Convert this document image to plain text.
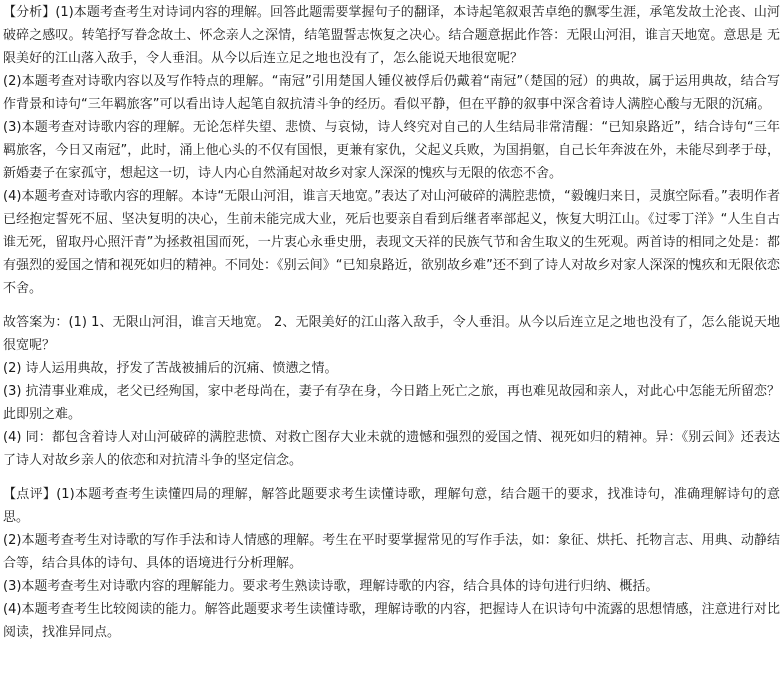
【分析】(1)本题考查考生对诗词内容的理解。回答此题需要掌握句子的翻译，本诗起笔叙艰苦卓绝的飘零生涯，承笔发故土沦丧、山河破碎之感叹。转笔抒写眷念故土、怀念亲人之深情，结笔盟誓志恢复之决心。结合题意据此作答：无限山河泪，谁言天地宽。意思是 无限美好的江山落入敌手，令人垂泪。从今以后连立足之地也没有了，怎么能说天地很宽呢？

(2)本题考查对诗歌内容以及写作特点的理解。“南冠”引用楚国人锺仪被俘后仍戴着“南冠”（楚国的冠）的典故，属于运用典故，结合写作背景和诗句“三年羁旅客”可以看出诗人起笔自叙抗清斗争的经历。看似平静，但在平静的叙事中深含着诗人满腔心酸与无限的沉痛。

(3)本题考查对诗歌内容的理解。无论怎样失望、悲愤、与哀恸，诗人终究对自己的人生结局非常清醒：“已知泉路近”，结合诗句“三年羁旅客，今日又南冠”，此时，涌上他心头的不仅有国恨，更兼有家仇，父起义兵败，为国捐躯，自己长年奔波在外，未能尽到孝于母，新婚妻子在家孤守，想起这一切，诗人内心自然涌起对故乡对家人深深的愧疚与无限的依恋不舍。

(4)本题考查对诗歌内容的理解。本诗“无限山河泪，谁言天地宽。”表达了对山河破碎的满腔悲愤，“毅魄归来日，灵旗空际看。”表明作者已经抱定誓死不屈、坚决复明的决心，生前未能完成大业，死后也要亲自看到后继者率部起义，恢复大明江山。《过零丁洋》“人生自古谁无死，留取丹心照汗青”为拯救祖国而死，一片衷心永垂史册，表现文天祥的民族气节和舍生取义的生死观。两首诗的相同之处是：都有强烈的爱国之情和视死如归的精神。不同处：《别云间》“已知泉路近，欲别故乡难”还不到了诗人对故乡对家人深深的愧疚和无限依恋不舍。

故答案为：(1) 1、无限山河泪，谁言天地宽。 2、无限美好的江山落入敌手，令人垂泪。从今以后连立足之地也没有了，怎么能说天地很宽呢？

(2) 诗人运用典故，抒发了苦战被捕后的沉痛、愤懑之情。

(3) 抗清事业难成，老父已经殉国，家中老母尚在，妻子有孕在身，今日踏上死亡之旅，再也难见故园和亲人，对此心中怎能无所留恋？此即别之难。

(4) 同：都包含着诗人对山河破碎的满腔悲愤、对救亡图存大业未就的遗憾和强烈的爱国之情、视死如归的精神。异：《别云间》还表达了诗人对故乡亲人的依恋和对抗清斗争的坚定信念。

【点评】(1)本题考查考生读懂四局的理解，解答此题要求考生读懂诗歌，理解句意，结合题干的要求，找准诗句，准确理解诗句的意思。

(2)本题考查考生对诗歌的写作手法和诗人情感的理解。考生在平时要掌握常见的写作手法，如：象征、烘托、托物言志、用典、动静结合等，结合具体的诗句、具体的语境进行分析理解。

(3)本题考查考生对诗歌内容的理解能力。要求考生熟读诗歌，理解诗歌的内容，结合具体的诗句进行归纳、概括。

(4)本题考查考生比较阅读的能力。解答此题要求考生读懂诗歌，理解诗歌的内容，把握诗人在识诗句中流露的思想情感，注意进行对比阅读，找准异同点。
